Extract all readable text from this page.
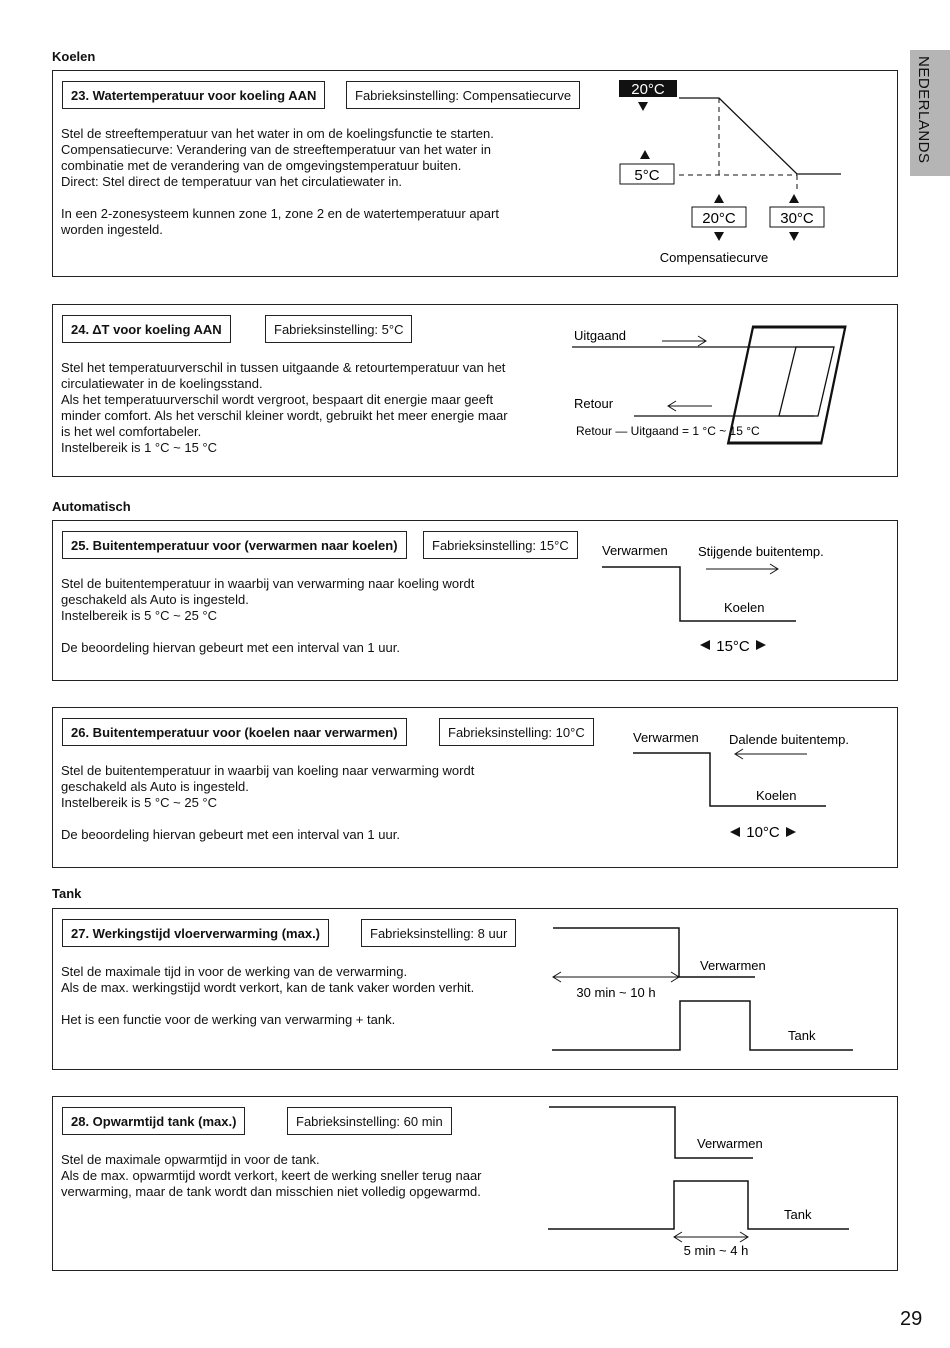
NEDERLANDS
Koelen
23. Watertemperatuur voor koeling AAN	Fabrieksinstelling: Compensatiecurve

Stel de streeftemperatuur van het water in om de koelingsfunctie te starten.

Compensatiecurve: Verandering van de streeftemperatuur van het water in

combinatie met de verandering van de omgevingstemperatuur buiten.

Direct: Stel direct de temperatuur van het circulatiewater in.

In een 2-zonesysteem kunnen zone 1, zone 2 en de watertemperatuur apart

worden ingesteld.

20°C
5°C
20°C	30°C
Compensatiecurve
24. ΔT voor koeling AAN	Fabrieksinstelling: 5°C

Stel het temperatuurverschil in tussen uitgaande & retourtemperatuur van het

circulatiewater in de koelingsstand.

Als het temperatuurverschil wordt vergroot, bespaart dit energie maar geeft

minder comfort. Als het verschil kleiner wordt, gebruikt het meer energie maar

is het wel comfortabeler.

Instelbereik is 1 °C ~ 15 °C

Uitgaand
Retour
Retour — Uitgaand = 1 °C ~ 15 °C
Automatisch
25. Buitentemperatuur voor (verwarmen naar koelen)	Fabrieksinstelling: 15°C

Stel de buitentemperatuur in waarbij van verwarming naar koeling wordt

geschakeld als Auto is ingesteld.

Instelbereik is 5 °C ~ 25 °C

De beoordeling hiervan gebeurt met een interval van 1 uur.

Verwarmen Stijgende buitentemp.
Koelen
15°C
26. Buitentemperatuur voor (koelen naar verwarmen)	Fabrieksinstelling: 10°C

Stel de buitentemperatuur in waarbij van koeling naar verwarming wordt

geschakeld als Auto is ingesteld.

Instelbereik is 5 °C ~ 25 °C

De beoordeling hiervan gebeurt met een interval van 1 uur.

Verwarmen Dalende buitentemp.
Koelen
10°C
Tank
27. Werkingstijd vloerverwarming (max.)	Fabrieksinstelling: 8 uur

Stel de maximale tijd in voor de werking van de verwarming.

Als de max. werkingstijd wordt verkort, kan de tank vaker worden verhit.

Het is een functie voor de werking van verwarming + tank.

Verwarmen
30 min ~ 10 h
Tank
28. Opwarmtijd tank (max.)	Fabrieksinstelling: 60 min

Stel de maximale opwarmtijd in voor de tank.

Als de max. opwarmtijd wordt verkort, keert de werking sneller terug naar

verwarming, maar de tank wordt dan misschien niet volledig opgewarmd.

Verwarmen
Tank
5 min ~ 4 h
29
